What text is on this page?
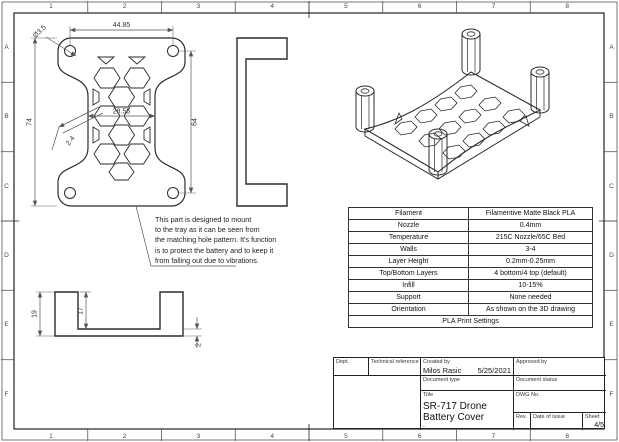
44.85
Ø3.5
74	64
28.55
2.4
19	17
2
1	2	3	4	5	6	7	8
1	2	3	4	5	6	7	8
A
B
C
D
E
F
A
B
C
D
E
F
This part is designed to mount
to the tray as it can be seen from
the matching hole pattern. It's function
is to protect the battery and to keep it
from falling out due to vibrations.
Filament	Filamentive Matte Black PLA
Nozzle	0.4mm
Temperature	215C Nozzle/65C Bed
Walls	3-4
Layer Height	0.2mm-0.25mm
Top/Bottom Layers	4 bottom/4 top (default)
Infill	10-15%
Support	None needed
Orientation	As shown on the 3D drawing
PLA Print Settings	
Dept.	Technical reference Created by
Milos Rasic 5/25/2021
Approved by
Document type	Document status
Title
SR-717 Drone
Battery Cover
.
DWG No.
Rev. Date of issue	Sheet
4/5
